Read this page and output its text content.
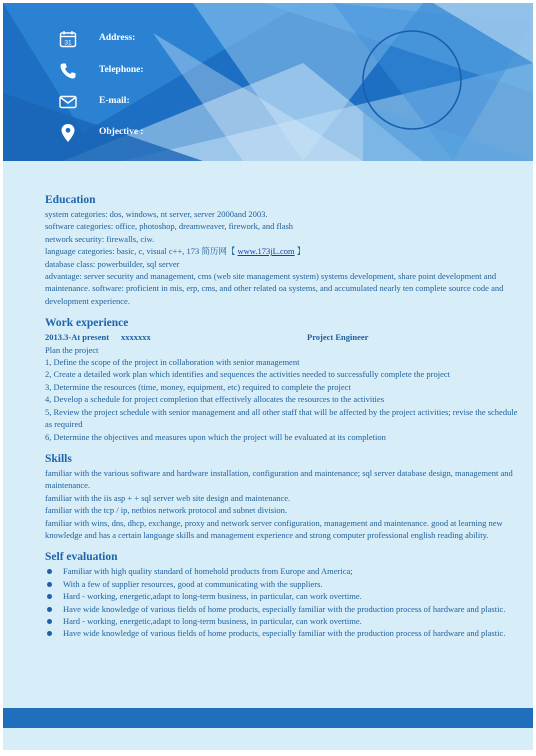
31	Address:
Telephone:
E-mail:
Objective :
Education

system categories: dos, windows, nt server, server 2000and 2003.

software categories: office, photoshop, dreamweaver, firework, and flash

network security: firewalls, ciw.

language categories: basic, c, visual c++, 173 简历网【 www.173jL.com 】

database class: powerbuilder, sql server

advantage: server security and management, cms (web site management system) systems development, share point development and maintenance. software: proficient in mis, erp, cms, and other related oa systems, and accumulated nearly ten complete source code and development experience.

Work experience
2013.3-At present	xxxxxxx	Project Engineer

Plan the project

1, Define the scope of the project in collaboration with senior management

2, Create a detailed work plan which identifies and sequences the activities needed to successfully complete the project

3, Determine the resources (time, money, equipment, etc) required to complete the project

4, Develop a schedule for project completion that effectively allocates the resources to the activities

5, Review the project schedule with senior management and all other staff that will be affected by the project activities; revise the schedule as required

6, Determine the objectives and measures upon which the project will be evaluated at its completion

Skills

familiar with the various software and hardware installation, configuration and maintenance; sql server database design, management and maintenance.

familiar with the iis asp + + sql server web site design and maintenance.

familiar with the tcp / ip, netbios network protocol and subnet division.

familiar with wins, dns, dhcp, exchange, proxy and network server configuration, management and maintenance. good at learning new knowledge and has a certain language skills and management experience and strong computer professional english reading ability.

Self evaluation
Familiar with high quality standard of homehold products from Europe and America;
With a few of supplier resources, good at communicating with the suppliers.
Hard - working, energetic,adapt to long-term business, in particular, can work overtime.
Have wide knowledge of various fields of home products, especially familiar with the production process of hardware and plastic.
Hard - working, energetic,adapt to long-term business, in particular, can work overtime.
Have wide knowledge of various fields of home products, especially familiar with the production process of hardware and plastic.
